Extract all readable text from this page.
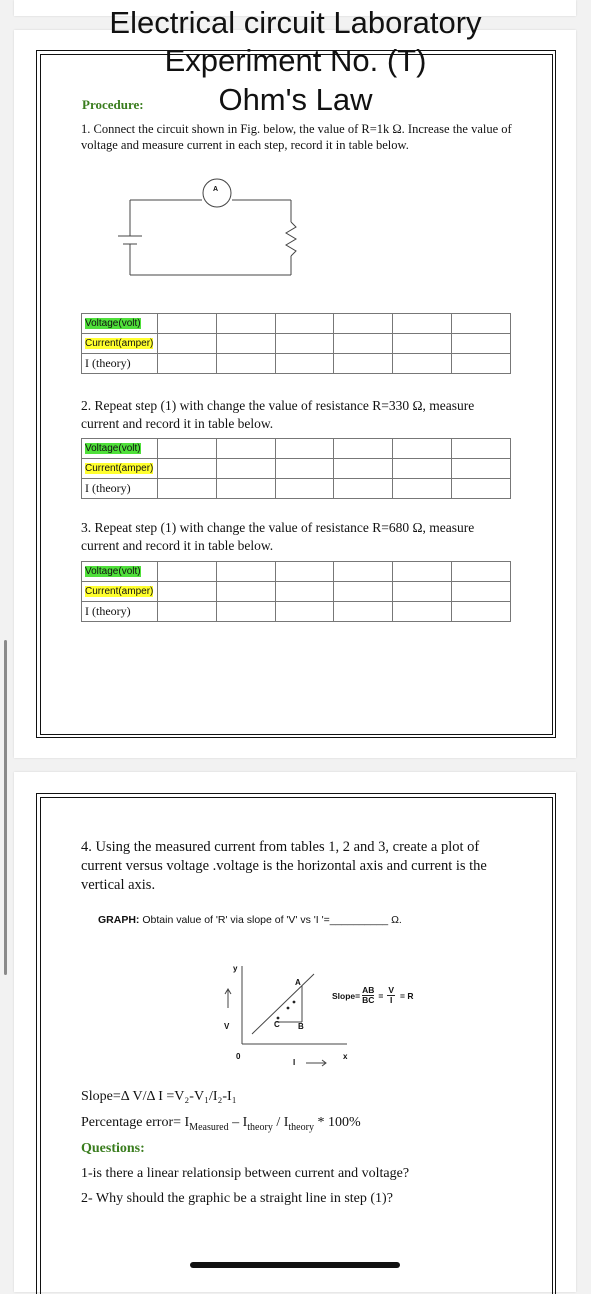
Electrical circuit Laboratory
Experiment No. (T)
Ohm's Law
Procedure:
1. Connect the circuit shown in Fig. below, the value of R=1k Ω. Increase the value of voltage and measure current in each step, record it in table below.
A
Voltage(volt)						
Current(amper)						
I (theory)						
2. Repeat step (1) with change the value of resistance R=330 Ω, measure current and record it in table below.
Voltage(volt)						
Current(amper)						
I (theory)						
3. Repeat step (1) with change the value of resistance R=680 Ω, measure current and record it in table below.
Voltage(volt)						
Current(amper)						
I (theory)						
4. Using the measured current from tables 1, 2 and 3, create a plot of current versus voltage .voltage is the horizontal axis and current is the vertical axis.
GRAPH: Obtain value of 'R' via slope of 'V' vs 'I '=__________ Ω.
y
V
0
I
x
A
B
C
Slope= $\frac{AB}{BC} = \frac{V}{I} = R$
Slope=Δ V/Δ I =V₂-V₁/I₂-I₁
Percentage error= $I_{Measured} - I_{theory} / I_{theory} * 100\%$
Questions:
1-is there a linear relationsip between current and voltage?
2- Why should the graphic be a straight line in step (1)?
